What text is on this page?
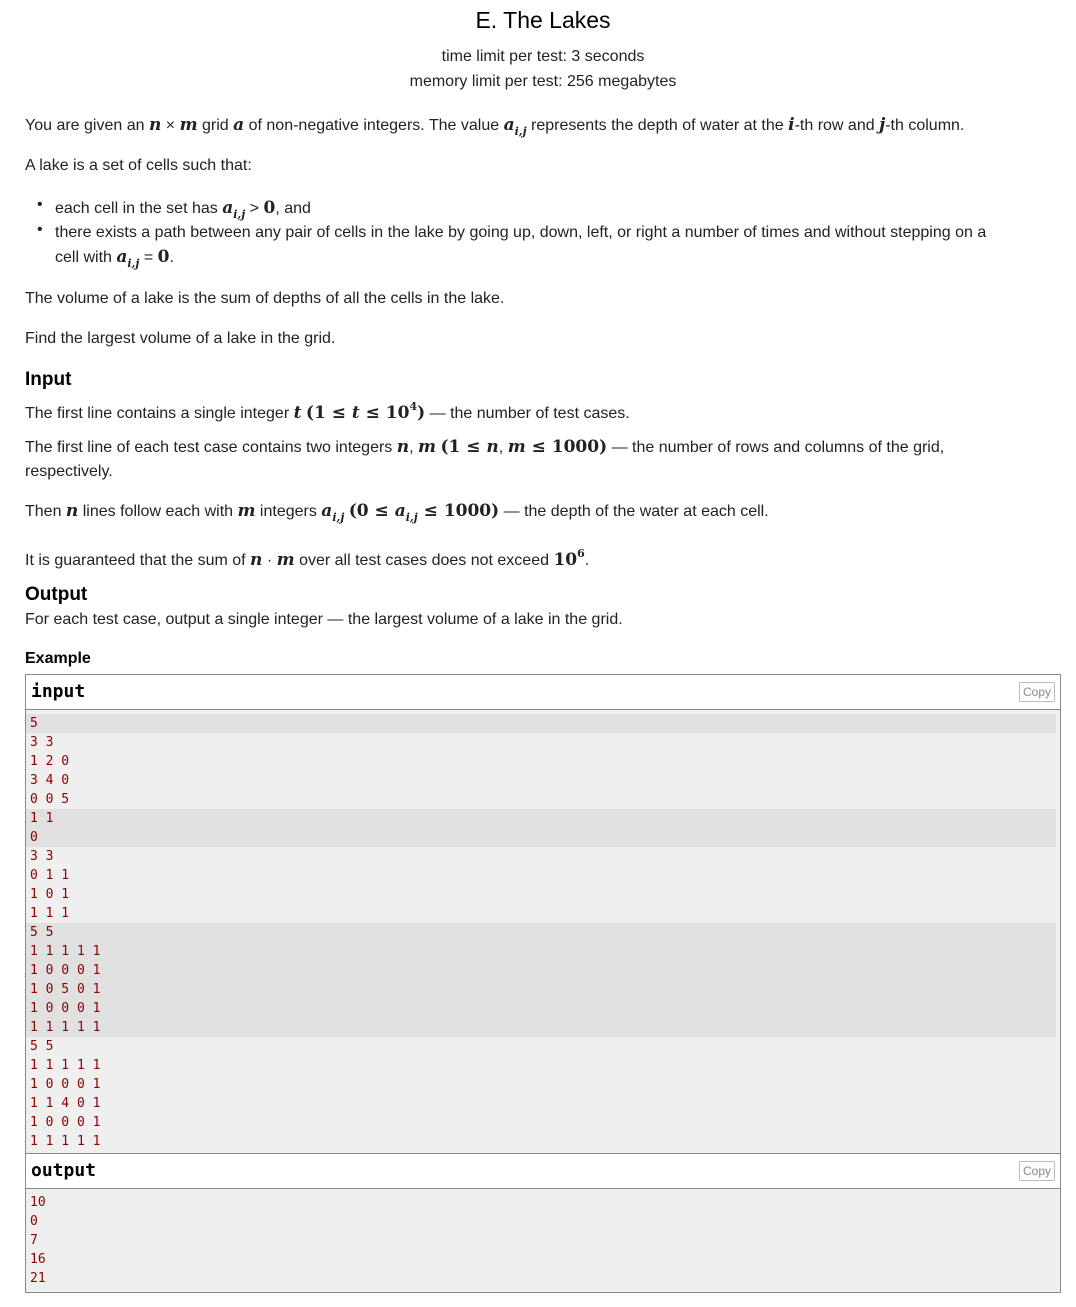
E. The Lakes
time limit per test: 3 seconds
memory limit per test: 256 megabytes
You are given an n × m grid a of non-negative integers. The value $a_{i,j}$ represents the depth of water at the i-th row and j-th column.
A lake is a set of cells such that:
• each cell in the set has $a_{i,j} > 0$, and
• there exists a path between any pair of cells in the lake by going up, down, left, or right a number of times and without stepping on a
cell with $a_{i,j} = 0$.
The volume of a lake is the sum of depths of all the cells in the lake.
Find the largest volume of a lake in the grid.
Input
The first line contains a single integer t $(1 \le t \le 10^4)$ — the number of test cases.
The first line of each test case contains two integers n, m (1 ≤ n, m ≤ 1000) — the number of rows and columns of the grid,
respectively.
Then n lines follow each with m integers $a_{i,j}$ $(0 \le a_{i,j} \le 1000)$ — the depth of the water at each cell.
It is guaranteed that the sum of n · m over all test cases does not exceed $10^6$.
Output
For each test case, output a single integer — the largest volume of a lake in the grid.
Example
input	Copy
5
3 3
1 2 0
3 4 0
0 0 5
1 1
0
3 3
0 1 1
1 0 1
1 1 1
5 5
1 1 1 1 1
1 0 0 0 1
1 0 5 0 1
1 0 0 0 1
1 1 1 1 1
5 5
1 1 1 1 1
1 0 0 0 1
1 1 4 0 1
1 0 0 0 1
1 1 1 1 1
output	Copy
10
0
7
16
21
